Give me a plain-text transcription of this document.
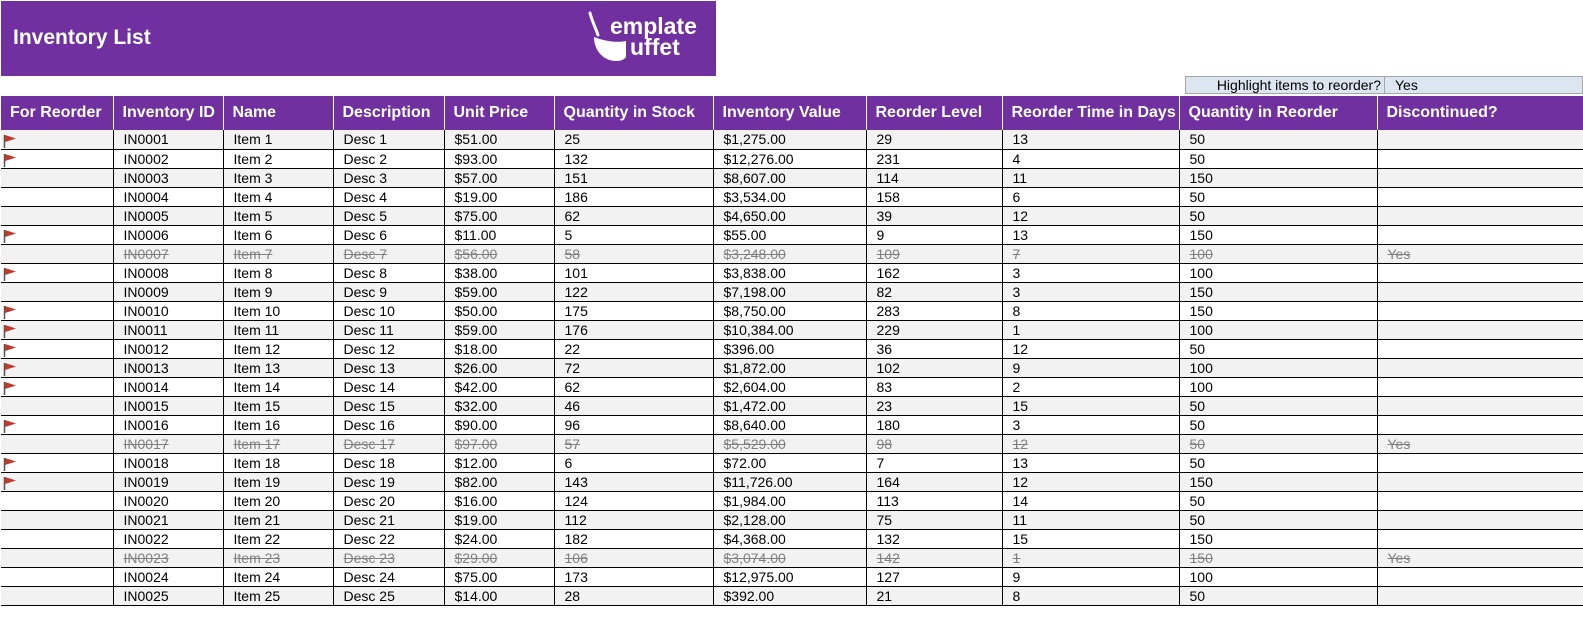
Inventory List	emplate
uffet
Highlight items to reorder?	Yes
For Reorder	Inventory ID	Name	Description	Unit Price	Quantity in Stock	Inventory Value	Reorder Level	Reorder Time in Days	Quantity in Reorder	Discontinued?
	IN0001	Item 1	Desc 1	$51.00	25	$1,275.00	29	13	50	
	IN0002	Item 2	Desc 2	$93.00	132	$12,276.00	231	4	50	
	IN0003	Item 3	Desc 3	$57.00	151	$8,607.00	114	11	150	
	IN0004	Item 4	Desc 4	$19.00	186	$3,534.00	158	6	50	
	IN0005	Item 5	Desc 5	$75.00	62	$4,650.00	39	12	50	
	IN0006	Item 6	Desc 6	$11.00	5	$55.00	9	13	150	
	IN0007	Item 7	Desc 7	$56.00	58	$3,248.00	109	7	100	Yes
	IN0008	Item 8	Desc 8	$38.00	101	$3,838.00	162	3	100	
	IN0009	Item 9	Desc 9	$59.00	122	$7,198.00	82	3	150	
	IN0010	Item 10	Desc 10	$50.00	175	$8,750.00	283	8	150	
	IN0011	Item 11	Desc 11	$59.00	176	$10,384.00	229	1	100	
	IN0012	Item 12	Desc 12	$18.00	22	$396.00	36	12	50	
	IN0013	Item 13	Desc 13	$26.00	72	$1,872.00	102	9	100	
	IN0014	Item 14	Desc 14	$42.00	62	$2,604.00	83	2	100	
	IN0015	Item 15	Desc 15	$32.00	46	$1,472.00	23	15	50	
	IN0016	Item 16	Desc 16	$90.00	96	$8,640.00	180	3	50	
	IN0017	Item 17	Desc 17	$97.00	57	$5,529.00	98	12	50	Yes
	IN0018	Item 18	Desc 18	$12.00	6	$72.00	7	13	50	
	IN0019	Item 19	Desc 19	$82.00	143	$11,726.00	164	12	150	
	IN0020	Item 20	Desc 20	$16.00	124	$1,984.00	113	14	50	
	IN0021	Item 21	Desc 21	$19.00	112	$2,128.00	75	11	50	
	IN0022	Item 22	Desc 22	$24.00	182	$4,368.00	132	15	150	
	IN0023	Item 23	Desc 23	$29.00	106	$3,074.00	142	1	150	Yes
	IN0024	Item 24	Desc 24	$75.00	173	$12,975.00	127	9	100	
	IN0025	Item 25	Desc 25	$14.00	28	$392.00	21	8	50	
